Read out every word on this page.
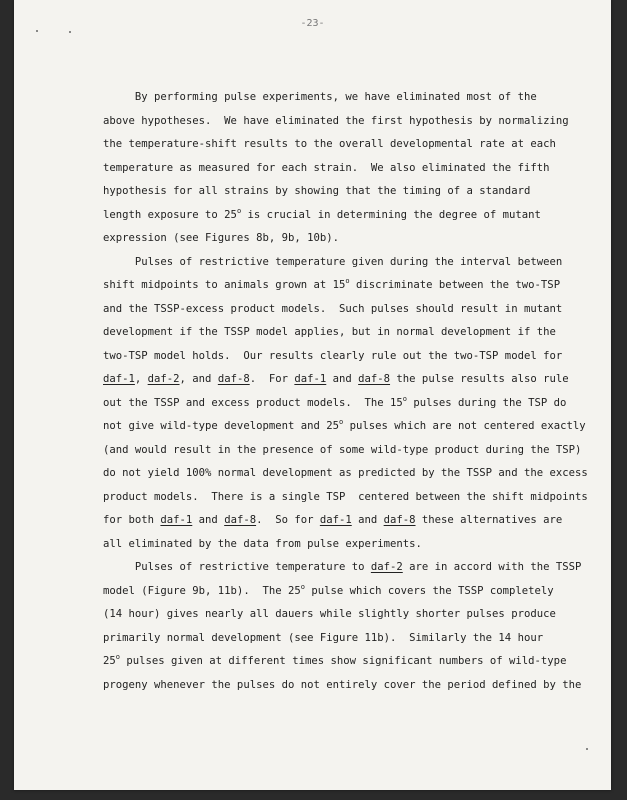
-23-
By performing pulse experiments, we have eliminated most of the
above hypotheses.  We have eliminated the first hypothesis by normalizing
the temperature-shift results to the overall developmental rate at each
temperature as measured for each strain.  We also eliminated the fifth
hypothesis for all strains by showing that the timing of a standard
length exposure to 25$^o$ is crucial in determining the degree of mutant
expression (see Figures 8b, 9b, 10b).
Pulses of restrictive temperature given during the interval between
shift midpoints to animals grown at 15$^o$ discriminate between the two-TSP
and the TSSP-excess product models.  Such pulses should result in mutant
development if the TSSP model applies, but in normal development if the
two-TSP model holds.  Our results clearly rule out the two-TSP model for
daf-1, daf-2, and daf-8.  For daf-1 and daf-8 the pulse results also rule
out the TSSP and excess product models.  The 15$^o$ pulses during the TSP do
not give wild-type development and 25$^o$ pulses which are not centered exactly
(and would result in the presence of some wild-type product during the TSP)
do not yield 100% normal development as predicted by the TSSP and the excess
product models.  There is a single TSP  centered between the shift midpoints
for both daf-1 and daf-8.  So for daf-1 and daf-8 these alternatives are
all eliminated by the data from pulse experiments.
Pulses of restrictive temperature to daf-2 are in accord with the TSSP
model (Figure 9b, 11b).  The 25$^o$ pulse which covers the TSSP completely
(14 hour) gives nearly all dauers while slightly shorter pulses produce
primarily normal development (see Figure 11b).  Similarly the 14 hour
25$^o$ pulses given at different times show significant numbers of wild-type
progeny whenever the pulses do not entirely cover the period defined by the
